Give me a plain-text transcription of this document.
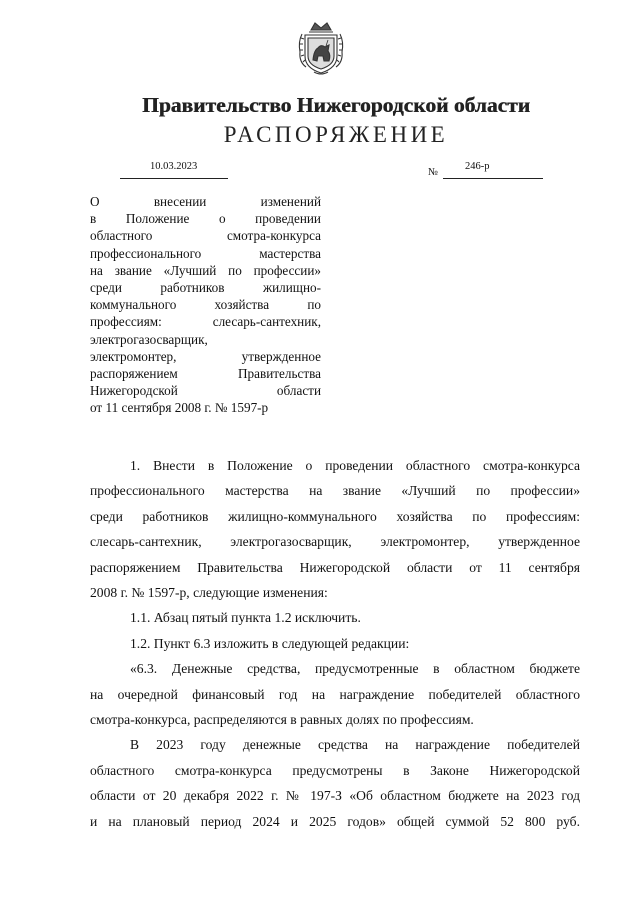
Правительство Нижегородской области
РАСПОРЯЖЕНИЕ
10.03.2023
№
246-р
О внесении изменений
в Положение о проведении
областного смотра-конкурса
профессионального мастерства
на звание «Лучший по профессии»
среди работников жилищно-
коммунального хозяйства по
профессиям: слесарь-сантехник,
электрогазосварщик,
электромонтер, утвержденное
распоряжением Правительства
Нижегородской области
от 11 сентября 2008 г. № 1597-р

1. Внести в Положение о проведении областного смотра-конкурса
профессионального мастерства на звание «Лучший по профессии»
среди работников жилищно-коммунального хозяйства по профессиям:
слесарь-сантехник, электрогазосварщик, электромонтер, утвержденное
распоряжением Правительства Нижегородской области от 11 сентября
2008 г. № 1597-р, следующие изменения:

1.1. Абзац пятый пункта 1.2 исключить.

1.2. Пункт 6.3 изложить в следующей редакции:

«6.3. Денежные средства, предусмотренные в областном бюджете
на очередной финансовый год на награждение победителей областного
смотра-конкурса, распределяются в равных долях по профессиям.

В 2023 году денежные средства на награждение победителей
областного смотра-конкурса предусмотрены в Законе Нижегородской
области от 20 декабря 2022 г. № 197-З «Об областном бюджете на 2023 год
и на плановый период 2024 и 2025 годов» общей суммой 52 800 руб.
